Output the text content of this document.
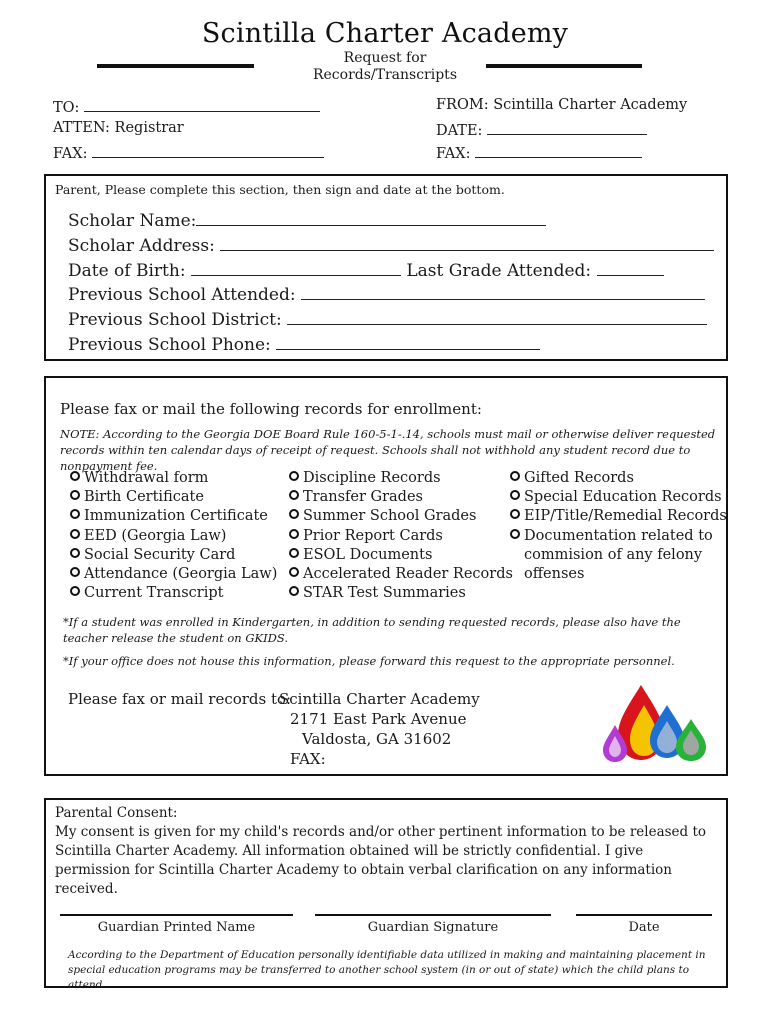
Scintilla Charter Academy
Request for
Records/Transcripts
TO:
ATTEN: Registrar
FAX:
FROM: Scintilla Charter Academy
DATE:
FAX:
Parent, Please complete this section, then sign and date at the bottom.
Scholar Name:
Scholar Address:
Date of Birth:	Last Grade Attended:
Previous School Attended:
Previous School District:
Previous School Phone:
Please fax or mail the following records for enrollment:
NOTE: According to the Georgia DOE Board Rule 160-5-1-.14, schools must mail or otherwise deliver requested records within ten calendar days of receipt of request. Schools shall not withhold any student record due to nonpayment fee.
Withdrawal form
Birth Certificate
Immunization Certificate
EED (Georgia Law)
Social Security Card
Attendance (Georgia Law)
Current Transcript
Discipline Records
Transfer Grades
Summer School Grades
Prior Report Cards
ESOL Documents
Accelerated Reader Records
STAR Test Summaries
Gifted Records
Special Education Records
EIP/Title/Remedial Records
Documentation related to
commision of any felony
offenses
*If a student was enrolled in Kindergarten, in addition to sending requested records, please also have the teacher release the student on GKIDS.
*If your office does not house this information, please forward this request to the appropriate personnel.
Please fax or mail records to:
Scintilla Charter Academy
2171 East Park Avenue
Valdosta, GA 31602
FAX:
Parental Consent:
My consent is given for my child's records and/or other pertinent information to be released to Scintilla Charter Academy. All information obtained will be strictly confidential. I give permission for Scintilla Charter Academy to obtain verbal clarification on any information received.
Guardian Printed Name	Guardian Signature	Date
According to the Department of Education personally identifiable data utilized in making and maintaining placement in special education programs may be transferred to another school system (in or out of state) which the child plans to attend.
